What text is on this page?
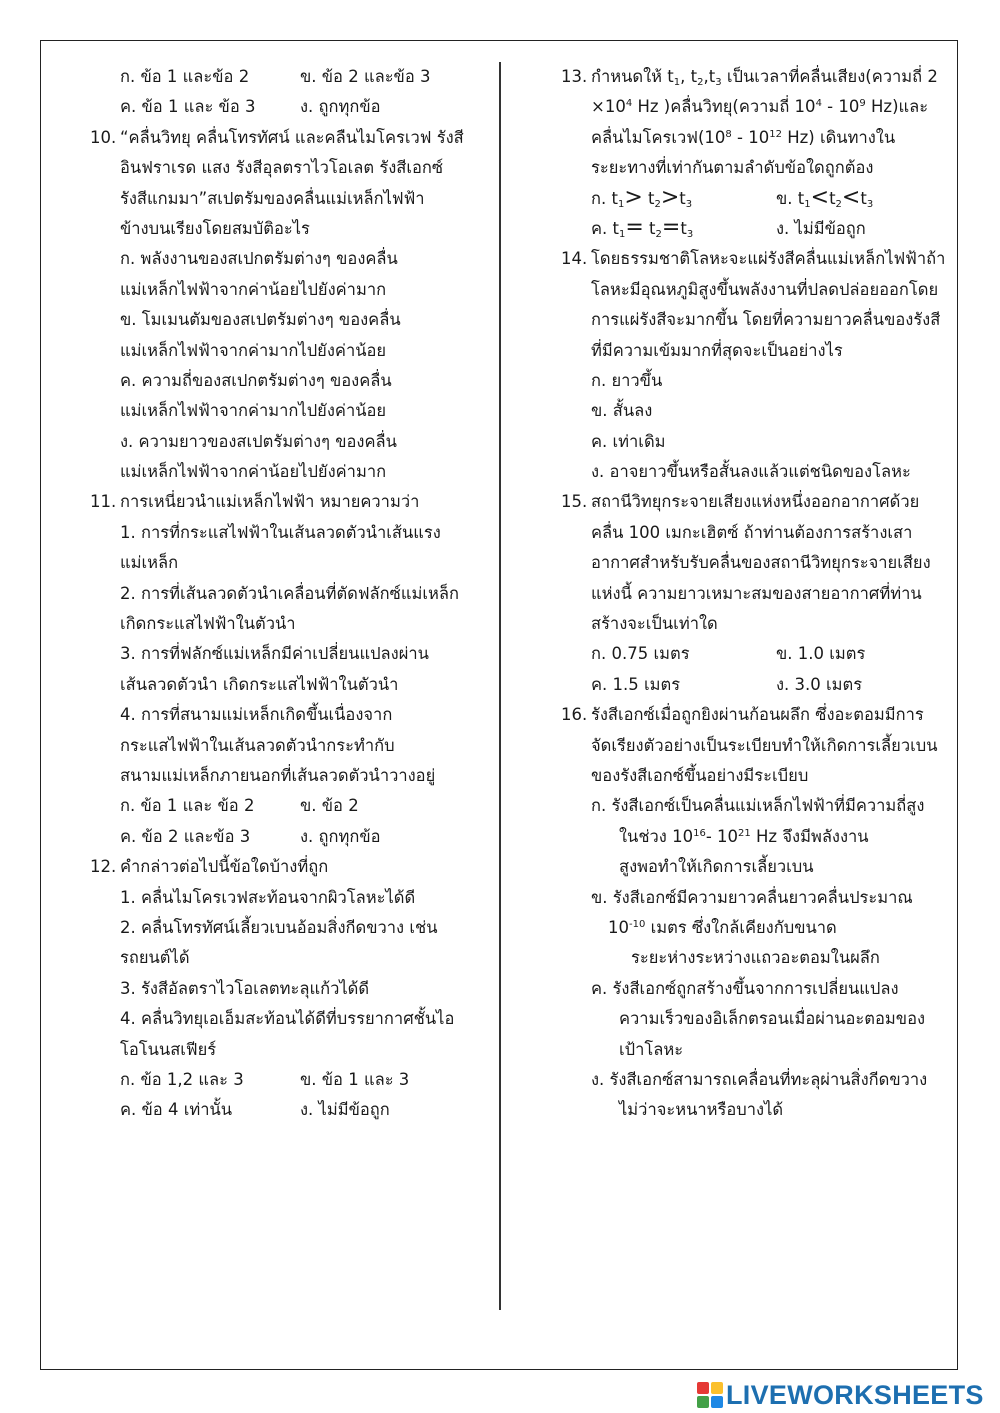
ก. ข้อ 1 และข้อ 2	ข. ข้อ 2 และข้อ 3
ค. ข้อ 1 และ ข้อ 3	ง. ถูกทุกข้อ
10. “คลื่นวิทยุ คลื่นโทรทัศน์ และคลืนไมโครเวฟ รังสี
อินฟราเรด แสง รังสีอุลตราไวโอเลต รังสีเอกซ์
รังสีแกมมา”สเปตรัมของคลื่นแม่เหล็กไฟฟ้า
ข้างบนเรียงโดยสมบัติอะไร
ก. พลังงานของสเปกตรัมต่างๆ ของคลื่น
แม่เหล็กไฟฟ้าจากค่าน้อยไปยังค่ามาก
ข. โมเมนตัมของสเปตรัมต่างๆ ของคลื่น
แม่เหล็กไฟฟ้าจากค่ามากไปยังค่าน้อย
ค. ความถี่ของสเปกตรัมต่างๆ ของคลื่น
แม่เหล็กไฟฟ้าจากค่ามากไปยังค่าน้อย
ง. ความยาวของสเปตรัมต่างๆ ของคลื่น
แม่เหล็กไฟฟ้าจากค่าน้อยไปยังค่ามาก
11. การเหนี่ยวนำแม่เหล็กไฟฟ้า หมายความว่า
1. การที่กระแสไฟฟ้าในเส้นลวดตัวนำเส้นแรง
แม่เหล็ก
2. การที่เส้นลวดตัวนำเคลื่อนที่ตัดฟลักซ์แม่เหล็ก
เกิดกระแสไฟฟ้าในตัวนำ
3. การที่ฟลักซ์แม่เหล็กมีค่าเปลี่ยนแปลงผ่าน
เส้นลวดตัวนำ เกิดกระแสไฟฟ้าในตัวนำ
4. การที่สนามแม่เหล็กเกิดขึ้นเนื่องจาก
กระแสไฟฟ้าในเส้นลวดตัวนำกระทำกับ
สนามแม่เหล็กภายนอกที่เส้นลวดตัวนำวางอยู่
ก. ข้อ 1 และ ข้อ 2	ข. ข้อ 2
ค. ข้อ 2 และข้อ 3	ง. ถูกทุกข้อ
12. คำกล่าวต่อไปนี้ข้อใดบ้างที่ถูก
1. คลื่นไมโครเวฟสะท้อนจากผิวโลหะได้ดี
2. คลื่นโทรทัศน์เลี้ยวเบนอ้อมสิ่งกีดขวาง เช่น
รถยนต์ได้
3. รังสีอัลตราไวโอเลตทะลุแก้วได้ดี
4. คลื่นวิทยุเอเอ็มสะท้อนได้ดีที่บรรยากาศชั้นไอ
โอโนนสเฟียร์
ก. ข้อ 1,2 และ 3	ข. ข้อ 1 และ 3
ค. ข้อ 4 เท่านั้น	ง. ไม่มีข้อถูก
13. กำหนดให้ $t_1$, $t_2,t_3$ เป็นเวลาที่คลื่นเสียง(ความถี่ 2
$\times 10^4$ Hz )คลื่นวิทยุ(ความถี่ $10^4 - 10^9$ Hz)และ
คลื่นไมโครเวฟ($10^8 - 10^{12}$ Hz) เดินทางใน
ระยะทางที่เท่ากันตามลำดับข้อใดถูกต้อง
ก. $t_1> t_2>t_3$	ข. $t_1<t_2<t_3$
ค. $t_1= t_2=t_3$	ง. ไม่มีข้อถูก
14. โดยธรรมชาติโลหะจะแผ่รังสีคลื่นแม่เหล็กไฟฟ้าถ้า
โลหะมีอุณหภูมิสูงขึ้นพลังงานที่ปลดปล่อยออกโดย
การแผ่รังสีจะมากขึ้น โดยที่ความยาวคลื่นของรังสี
ที่มีความเข้มมากที่สุดจะเป็นอย่างไร
ก. ยาวขึ้น
ข. สั้นลง
ค. เท่าเดิม
ง. อาจยาวขึ้นหรือสั้นลงแล้วแต่ชนิดของโลหะ
15. สถานีวิทยุกระจายเสียงแห่งหนึ่งออกอากาศด้วย
คลื่น 100 เมกะเฮิตซ์ ถ้าท่านต้องการสร้างเสา
อากาศสำหรับรับคลื่นของสถานีวิทยุกระจายเสียง
แห่งนี้ ความยาวเหมาะสมของสายอากาศที่ท่าน
สร้างจะเป็นเท่าใด
ก. 0.75 เมตร	ข. 1.0 เมตร
ค. 1.5 เมตร	ง. 3.0 เมตร
16. รังสีเอกซ์เมื่อถูกยิงผ่านก้อนผลึก ซึ่งอะตอมมีการ
จัดเรียงตัวอย่างเป็นระเบียบทำให้เกิดการเลี้ยวเบน
ของรังสีเอกซ์ขึ้นอย่างมีระเบียบ
ก. รังสีเอกซ์เป็นคลื่นแม่เหล็กไฟฟ้าที่มีความถี่สูง
ในช่วง $10^{16}-$ $10^{21}$ Hz จึงมีพลังงาน
สูงพอทำให้เกิดการเลี้ยวเบน
ข. รังสีเอกซ์มีความยาวคลื่นยาวคลื่นประมาณ
$10^{-10}$ เมตร ซึ่งใกล้เคียงกับขนาด
ระยะห่างระหว่างแถวอะตอมในผลึก
ค. รังสีเอกซ์ถูกสร้างขึ้นจากการเปลี่ยนแปลง
ความเร็วของอิเล็กตรอนเมื่อผ่านอะตอมของ
เป้าโลหะ
ง. รังสีเอกซ์สามารถเคลื่อนที่ทะลุผ่านสิ่งกีดขวาง
ไม่ว่าจะหนาหรือบางได้
LIVEWORKSHEETS
